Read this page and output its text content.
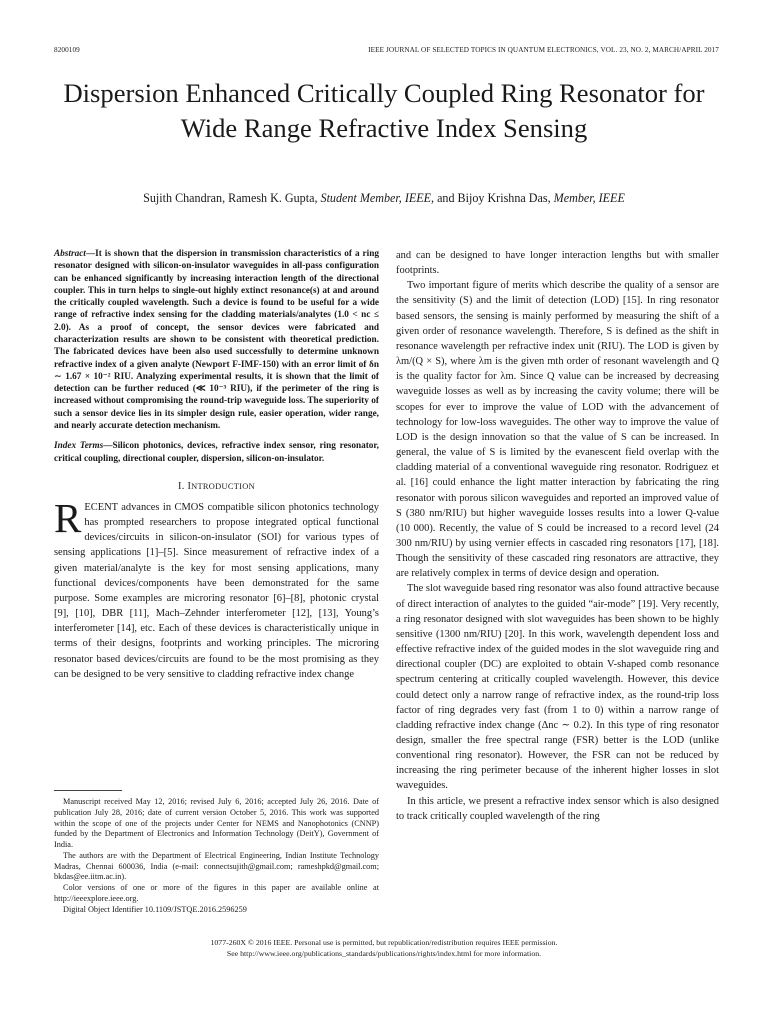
8200109	IEEE JOURNAL OF SELECTED TOPICS IN QUANTUM ELECTRONICS, VOL. 23, NO. 2, MARCH/APRIL 2017
Dispersion Enhanced Critically Coupled Ring Resonator for Wide Range Refractive Index Sensing
Sujith Chandran, Ramesh K. Gupta, Student Member, IEEE, and Bijoy Krishna Das, Member, IEEE

Abstract—It is shown that the dispersion in transmission characteristics of a ring resonator designed with silicon-on-insulator waveguides in all-pass configuration can be enhanced significantly by increasing interaction length of the directional coupler. This in turn helps to single-out highly extinct resonance(s) at and around the critically coupled wavelength. Such a device is found to be useful for a wide range of refractive index sensing for the cladding materials/analytes (1.0 < nc ≤ 2.0). As a proof of concept, the sensor devices were fabricated and characterization results are shown to be consistent with theoretical prediction. The fabricated devices have been also used successfully to determine unknown refractive index of a given analyte (Newport F-IMF-150) with an error limit of δn ∼ 1.67 × 10⁻² RIU. Analyzing experimental results, it is shown that the limit of detection can be further reduced (≪ 10⁻³ RIU), if the perimeter of the ring is increased without compromising the round-trip waveguide loss. The superiority of such a sensor device lies in its simpler design rule, easier operation, wider range, and nearly accurate detection mechanism.

Index Terms—Silicon photonics, devices, refractive index sensor, ring resonator, critical coupling, directional coupler, dispersion, silicon-on-insulator.

I. INTRODUCTION

RECENT advances in CMOS compatible silicon photonics technology has prompted researchers to propose integrated optical functional devices/circuits in silicon-on-insulator (SOI) for various types of sensing applications [1]–[5]. Since measurement of refractive index of a given material/analyte is the key for most sensing applications, many functional devices/components have been demonstrated for the same purpose. Some examples are microring resonator [6]–[8], photonic crystal [9], [10], DBR [11], Mach–Zehnder interferometer [12], [13], Young’s interferometer [14], etc. Each of these devices is characteristically unique in terms of their designs, footprints and working principles. The microring resonator based devices/circuits are found to be the most promising as they can be designed to be very sensitive to cladding refractive index change

Manuscript received May 12, 2016; revised July 6, 2016; accepted July 26, 2016. Date of publication July 28, 2016; date of current version October 5, 2016. This work was supported within the scope of one of the projects under Center for NEMS and Nanophotonics (CNNP) funded by the Department of Electronics and Information Technology (DeitY), Government of India.

The authors are with the Department of Electrical Engineering, Indian Institute Technology Madras, Chennai 600036, India (e-mail: connectsujith@gmail.com; rameshpkd@gmail.com; bkdas@ee.iitm.ac.in).

Color versions of one or more of the figures in this paper are available online at http://ieeexplore.ieee.org.

Digital Object Identifier 10.1109/JSTQE.2016.2596259

and can be designed to have longer interaction lengths but with smaller footprints.

Two important figure of merits which describe the quality of a sensor are the sensitivity (S) and the limit of detection (LOD) [15]. In ring resonator based sensors, the sensing is mainly performed by measuring the shift of a given order of resonance wavelength. Therefore, S is defined as the shift in resonance wavelength per refractive index unit (RIU). The LOD is given by λm/(Q × S), where λm is the given mth order of resonant wavelength and Q is the quality factor for λm. Since Q value can be increased by decreasing waveguide losses as well as by increasing the cavity volume; there will be scopes for ever to improve the value of LOD with the advancement of technology for low-loss waveguides. The other way to improve the value of LOD is the design innovation so that the value of S can be increased. In general, the value of S is limited by the evanescent field overlap with the cladding material of a conventional waveguide ring resonator. Rodriguez et al. [16] could enhance the light matter interaction by fabricating the ring resonator with porous silicon waveguides and reported an improved value of S (380 nm/RIU) but higher waveguide losses results into a lower Q-value (10 000). Recently, the value of S could be increased to a record level (24 300 nm/RIU) by using vernier effects in cascaded ring resonators [17], [18]. Though the sensitivity of these cascaded ring resonators are attractive, they are relatively complex in terms of device design and operation.

The slot waveguide based ring resonator was also found attractive because of direct interaction of analytes to the guided “air-mode” [19]. Very recently, a ring resonator designed with slot waveguides has been shown to be highly sensitive (1300 nm/RIU) [20]. In this work, wavelength dependent loss and effective refractive index of the guided modes in the slot waveguide ring and directional coupler (DC) are exploited to obtain V-shaped comb resonance spectrum centering at critically coupled wavelength. However, this device could detect only a narrow range of refractive index, as the round-trip loss factor of ring degrades very fast (from 1 to 0) within a narrow range of cladding refractive index change (Δnc ∼ 0.2). In this type of ring resonator design, smaller the free spectral range (FSR) better is the LOD (unlike conventional ring resonator). However, the FSR can not be reduced by increasing the ring perimeter because of the inherent higher losses in slot waveguides.

In this article, we present a refractive index sensor which is also designed to track critically coupled wavelength of the ring

1077-260X © 2016 IEEE. Personal use is permitted, but republication/redistribution requires IEEE permission.
See http://www.ieee.org/publications_standards/publications/rights/index.html for more information.
